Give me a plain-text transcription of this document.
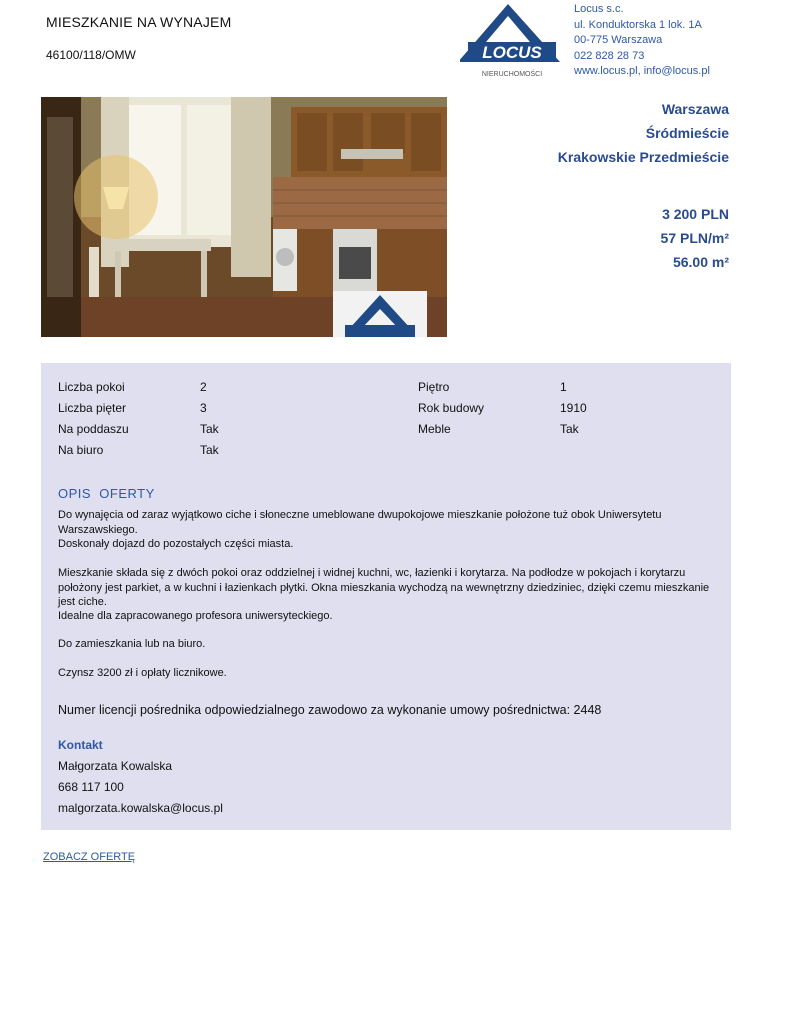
MIESZKANIE NA WYNAJEM
46100/118/OMW	LOCUS
NIERUCHOMOŚCI
Locus s.c.
ul. Konduktorska 1 lok. 1A
00-775 Warszawa
022 828 28 73
www.locus.pl, info@locus.pl
Warszawa
Śródmieście
Krakowskie Przedmieście
3 200 PLN
57 PLN/m²
56.00 m²
Liczba pokoi	2	Piętro	1
Liczba pięter	3	Rok budowy	1910
Na poddaszu	Tak	Meble	Tak
Na biuro	Tak
OPIS  OFERTY
Do wynajęcia od zaraz wyjątkowo ciche i słoneczne umeblowane dwupokojowe mieszkanie położone tuż obok Uniwersytetu Warszawskiego.
Doskonały dojazd do pozostałych części miasta.
Mieszkanie składa się z dwóch pokoi oraz oddzielnej i widnej kuchni, wc, łazienki i korytarza. Na podłodze w pokojach i korytarzu położony jest parkiet, a w kuchni i łazienkach płytki. Okna mieszkania wychodzą na wewnętrzny dziedziniec, dzięki czemu mieszkanie jest ciche.
Idealne dla zapracowanego profesora uniwersyteckiego.
Do zamieszkania lub na biuro.
Czynsz 3200 zł i opłaty licznikowe.
Numer licencji pośrednika odpowiedzialnego zawodowo za wykonanie umowy pośrednictwa: 2448
Kontakt
Małgorzata Kowalska
668 117 100
malgorzata.kowalska@locus.pl
ZOBACZ OFERTĘ
